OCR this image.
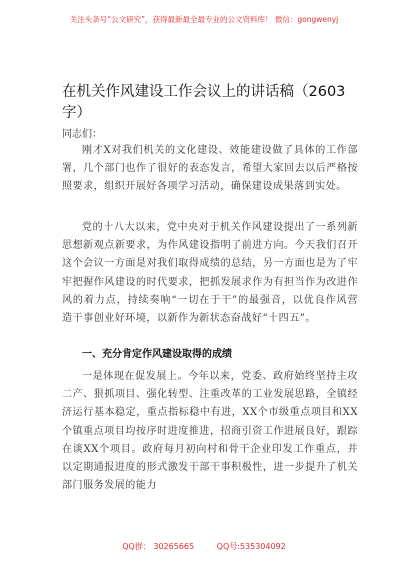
关注头条号“公文研究”，获得最新最全最专业的公文资料库！ 微信：gongwenyj
在机关作风建设工作会议上的讲话稿（2603字）
同志们：

刚才X对我们机关的文化建设、效能建设做了具体的工作部署，几个部门也作了很好的表态发言，希望大家回去以后严格按照要求，组织开展好各项学习活动，确保建设成果落到实处。

党的十八大以来，党中央对于机关作风建设提出了一系列新思想新观点新要求，为作风建设指明了前进方向。今天我们召开这个会议一方面是对我们取得成绩的总结，另一方面也是为了牢牢把握作风建设的时代要求，把抓发展求作为有担当作为改进作风的着力点，持续奏响“一切在于干”的最强音，以优良作风营造干事创业好环境，以新作为新状态奋战好“十四五”。

一、充分肯定作风建设取得的成绩

一是体现在促发展上。今年以来，党委、政府始终坚持主攻二产、狠抓项目、强化转型、注重改革的工业发展思路，全镇经济运行基本稳定，重点指标稳中有进，XX个市级重点项目和XX个镇重点项目均按序时进度推进，招商引资工作进展良好，跟踪在谈XX个项目。政府每月初向村和骨干企业印发工作重点，并以定期通报进度的形式激发干部干事积极性，进一步提升了机关部门服务发展的能力

QQ群： 30265665	QQ号:535304092
